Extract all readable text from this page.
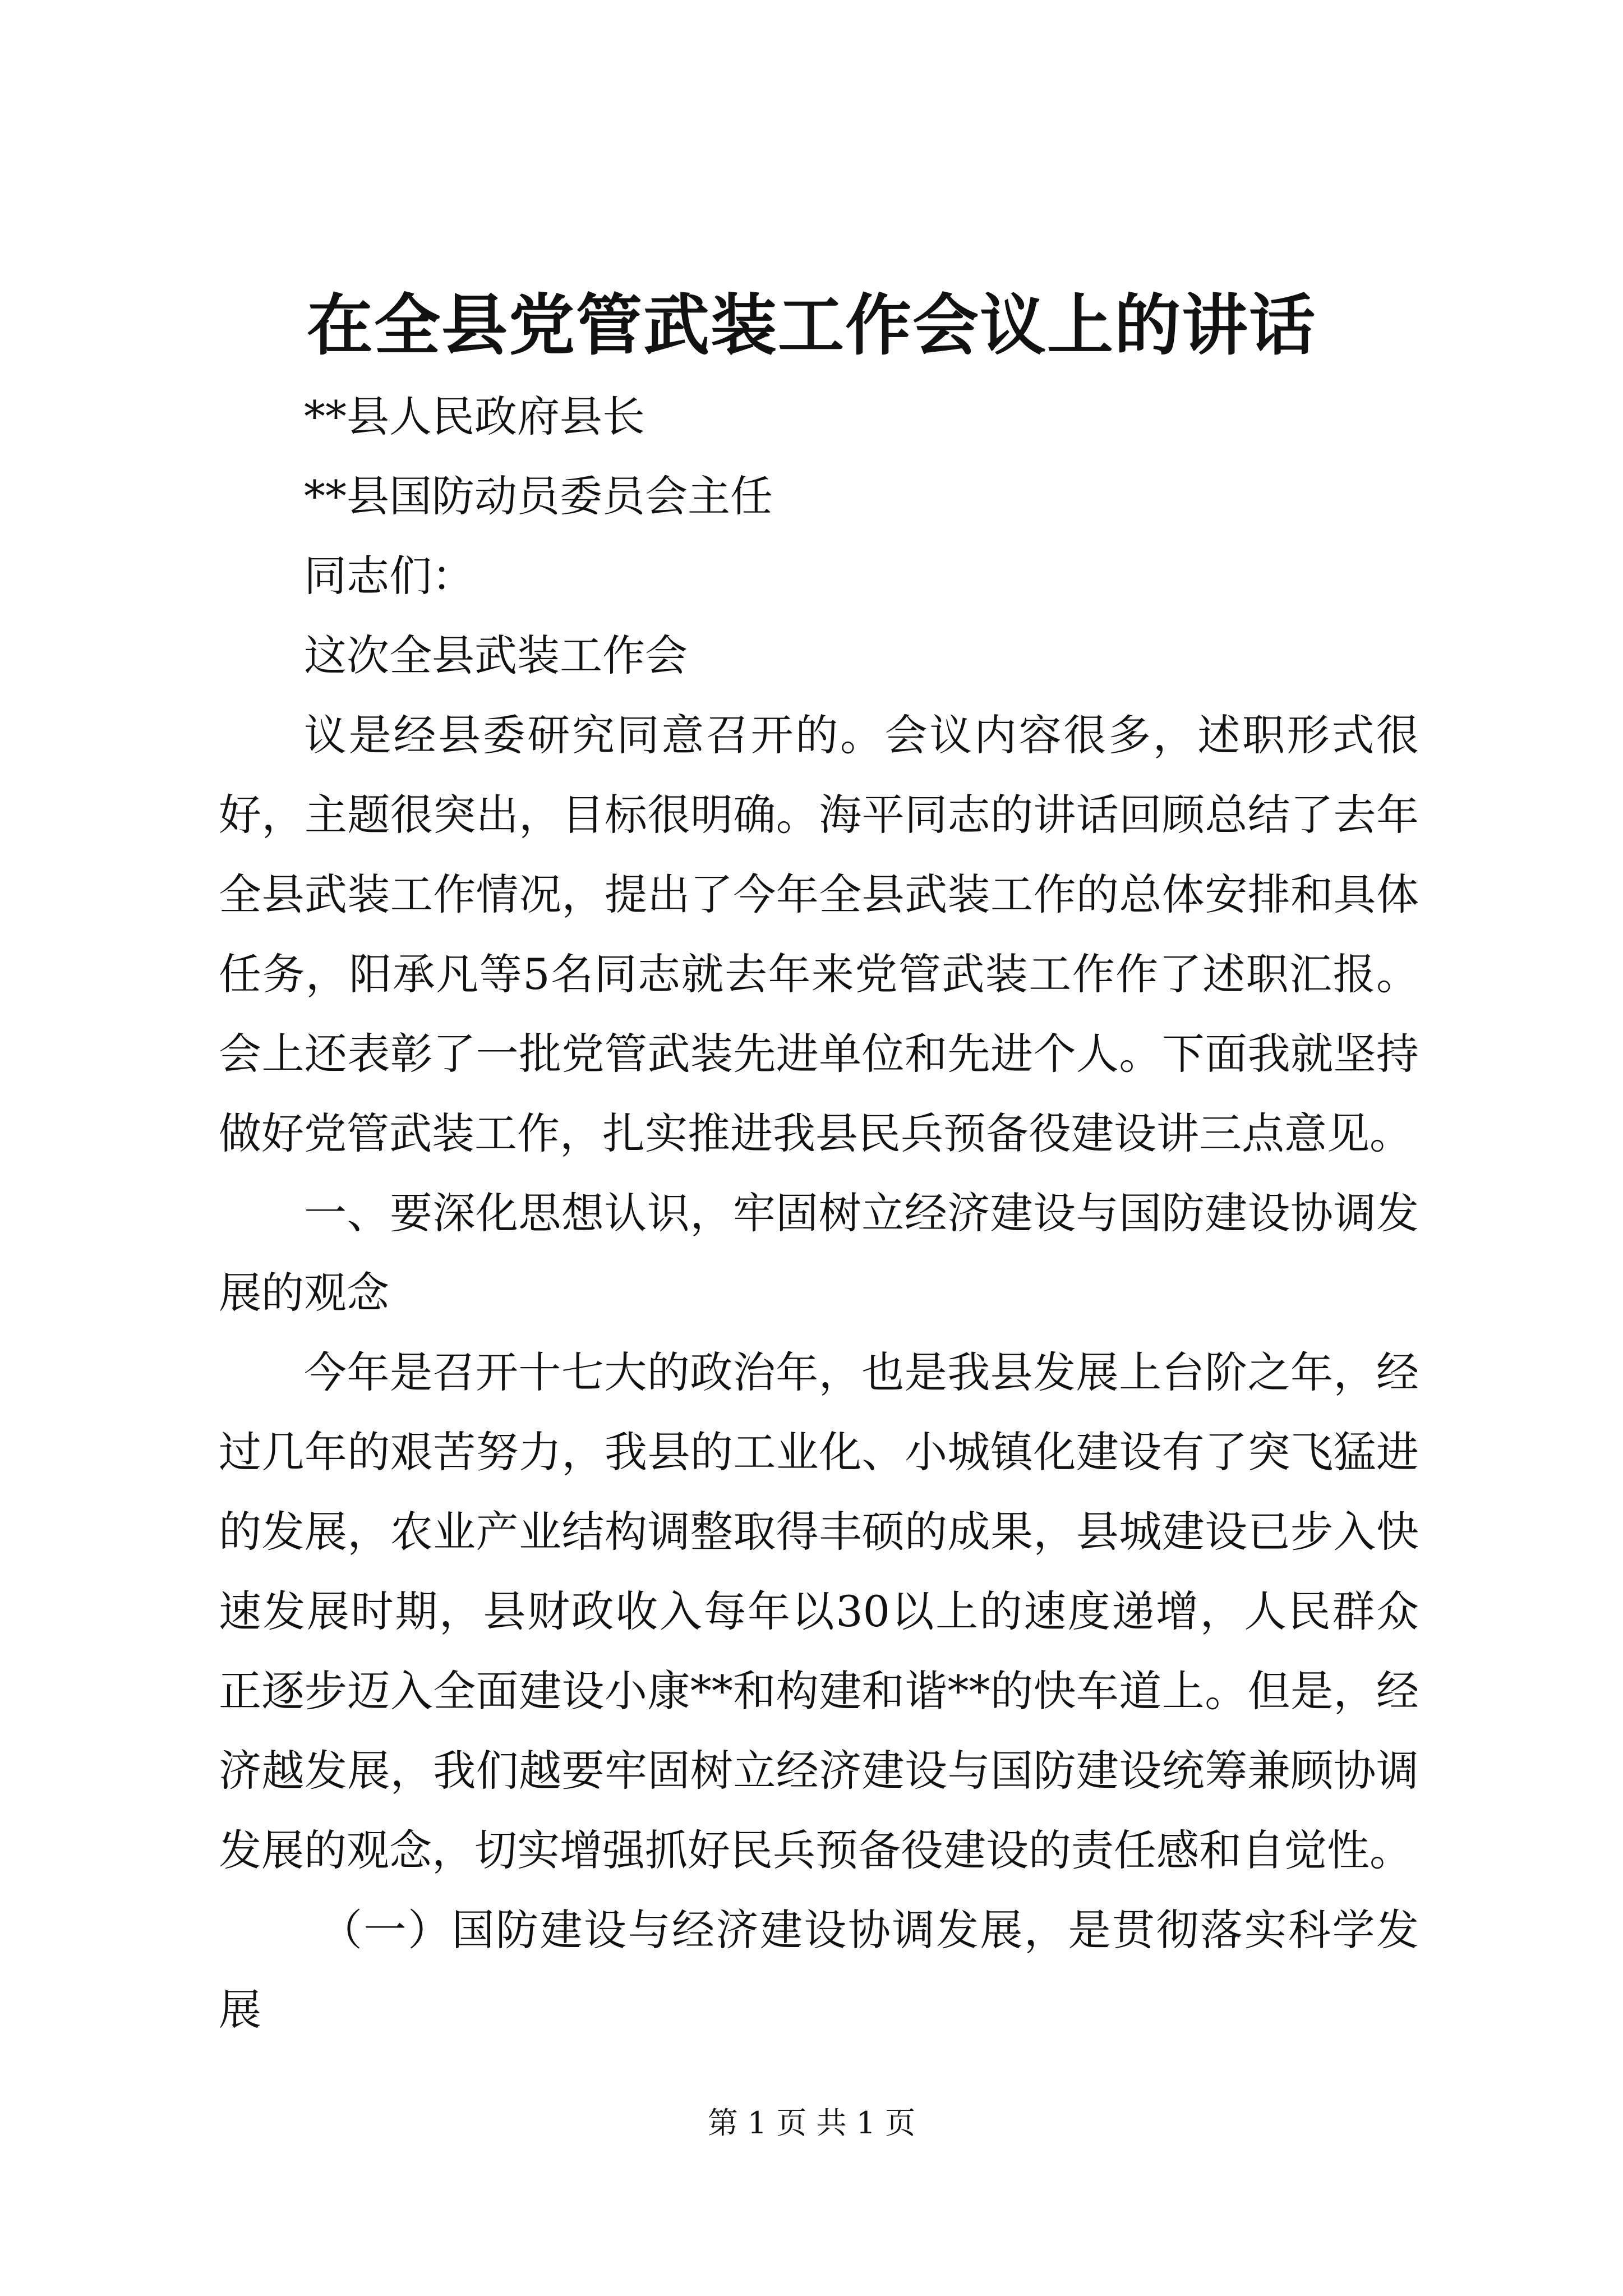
在全县党管武装工作会议上的讲话

**县人民政府县长

**县国防动员委员会主任

同志们：

这次全县武装工作会

议是经县委研究同意召开的。会议内容很多，述职形式很好，主题很突出，目标很明确。海平同志的讲话回顾总结了去年全县武装工作情况，提出了今年全县武装工作的总体安排和具体任务，阳承凡等5名同志就去年来党管武装工作作了述职汇报。会上还表彰了一批党管武装先进单位和先进个人。下面我就坚持做好党管武装工作，扎实推进我县民兵预备役建设讲三点意见。

一、要深化思想认识，牢固树立经济建设与国防建设协调发展的观念

今年是召开十七大的政治年，也是我县发展上台阶之年，经过几年的艰苦努力，我县的工业化、小城镇化建设有了突飞猛进的发展，农业产业结构调整取得丰硕的成果，县城建设已步入快速发展时期，县财政收入每年以30以上的速度递增，人民群众正逐步迈入全面建设小康**和构建和谐**的快车道上。但是，经济越发展，我们越要牢固树立经济建设与国防建设统筹兼顾协调发展的观念，切实增强抓好民兵预备役建设的责任感和自觉性。

（一）国防建设与经济建设协调发展，是贯彻落实科学发展

第 1 页 共 1 页
